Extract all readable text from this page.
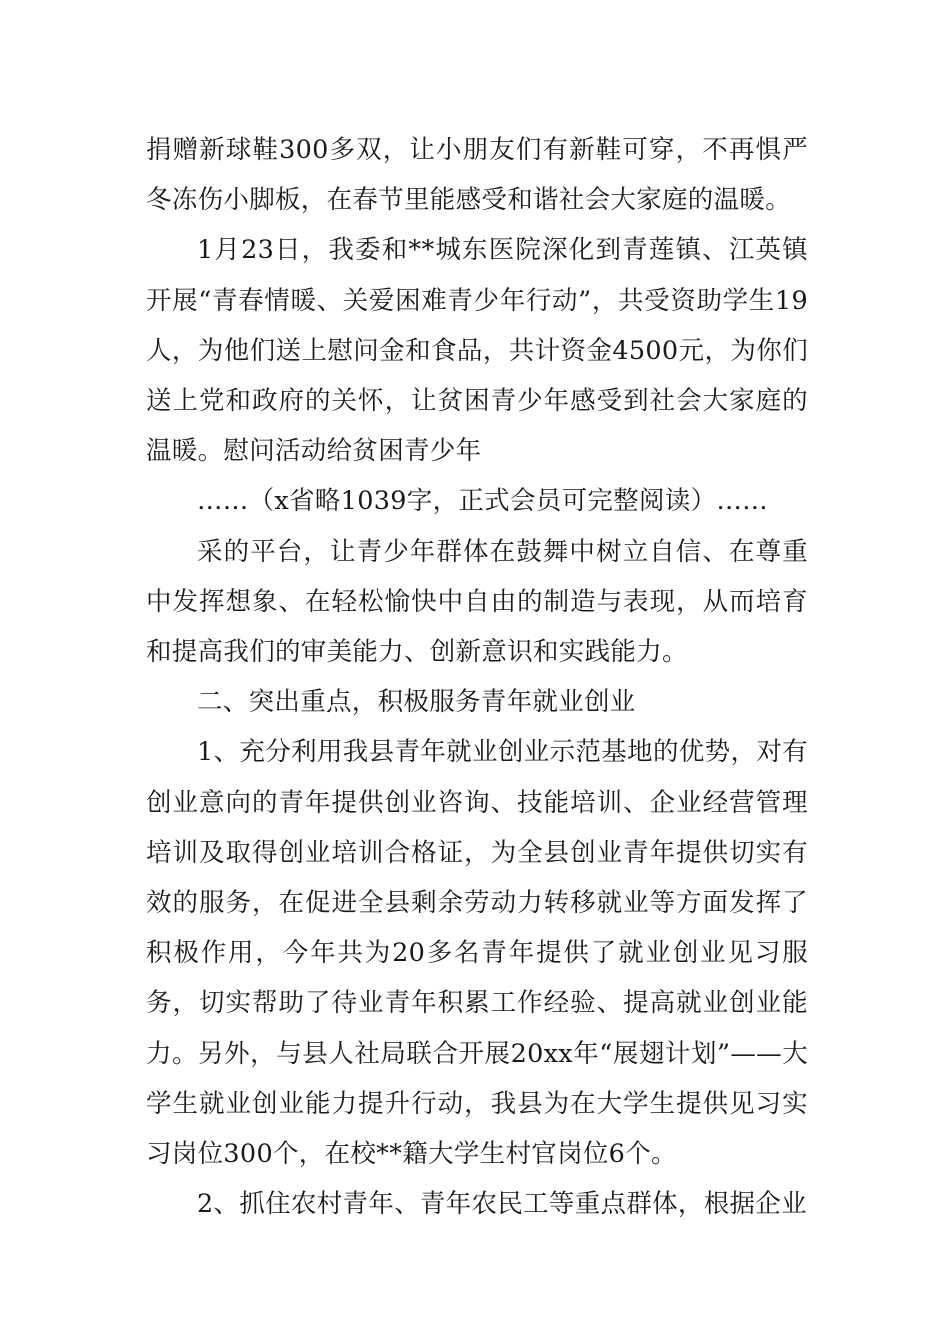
捐赠新球鞋300多双，让小朋友们有新鞋可穿，不再惧严冬冻伤小脚板，在春节里能感受和谐社会大家庭的温暖。

1月23日，我委和**城东医院深化到青莲镇、江英镇开展“青春情暖、关爱困难青少年行动”，共受资助学生19人，为他们送上慰问金和食品，共计资金4500元，为你们送上党和政府的关怀，让贫困青少年感受到社会大家庭的温暖。慰问活动给贫困青少年

……（x省略1039字，正式会员可完整阅读）……

采的平台，让青少年群体在鼓舞中树立自信、在尊重中发挥想象、在轻松愉快中自由的制造与表现，从而培育和提高我们的审美能力、创新意识和实践能力。

二、突出重点，积极服务青年就业创业

1、充分利用我县青年就业创业示范基地的优势，对有创业意向的青年提供创业咨询、技能培训、企业经营管理培训及取得创业培训合格证，为全县创业青年提供切实有效的服务，在促进全县剩余劳动力转移就业等方面发挥了积极作用，今年共为20多名青年提供了就业创业见习服务，切实帮助了待业青年积累工作经验、提高就业创业能力。另外，与县人社局联合开展20xx年“展翅计划”——大学生就业创业能力提升行动，我县为在大学生提供见习实习岗位300个，在校**籍大学生村官岗位6个。

2、抓住农村青年、青年农民工等重点群体，根据企业
